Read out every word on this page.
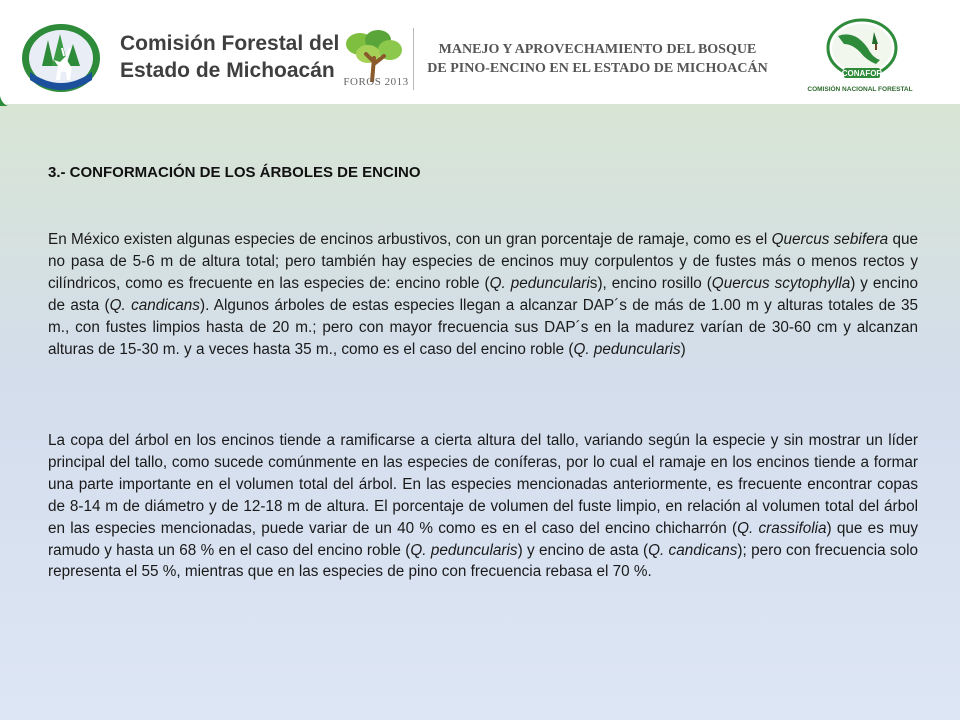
Comisión Forestal del
Estado de Michoacán FOROS 2013
MANEJO Y APROVECHAMIENTO DEL BOSQUE
DE PINO-ENCINO EN EL ESTADO DE MICHOACÁN	CONAFOR
COMISIÓN NACIONAL FORESTAL
3.- CONFORMACIÓN DE LOS ÁRBOLES DE ENCINO

En México existen algunas especies de encinos arbustivos, con un gran porcentaje de ramaje, como es el Quercus sebifera que no pasa de 5-6 m de altura total; pero también hay especies de encinos muy corpulentos y de fustes más o menos rectos y cilíndricos, como es frecuente en las especies de: encino roble (Q. peduncularis), encino rosillo (Quercus scytophylla) y encino de asta (Q. candicans). Algunos árboles de estas especies llegan a alcanzar DAP´s de más de 1.00 m y alturas totales de 35 m., con fustes limpios hasta de 20 m.; pero con mayor frecuencia sus DAP´s en la madurez varían de 30-60 cm y alcanzan alturas de 15-30 m. y a veces hasta 35 m., como es el caso del encino roble (Q. peduncularis)

La copa del árbol en los encinos tiende a ramificarse a cierta altura del tallo, variando según la especie y sin mostrar un líder principal del tallo, como sucede comúnmente en las especies de coníferas, por lo cual el ramaje en los encinos tiende a formar una parte importante en el volumen total del árbol. En las especies mencionadas anteriormente, es frecuente encontrar copas de 8-14 m de diámetro y de 12-18 m de altura. El porcentaje de volumen del fuste limpio, en relación al volumen total del árbol en las especies mencionadas, puede variar de un 40 % como es en el caso del encino chicharrón (Q. crassifolia) que es muy ramudo y hasta un 68 % en el caso del encino roble (Q. peduncularis) y encino de asta (Q. candicans); pero con frecuencia solo representa el 55 %, mientras que en las especies de pino con frecuencia rebasa el 70 %.
